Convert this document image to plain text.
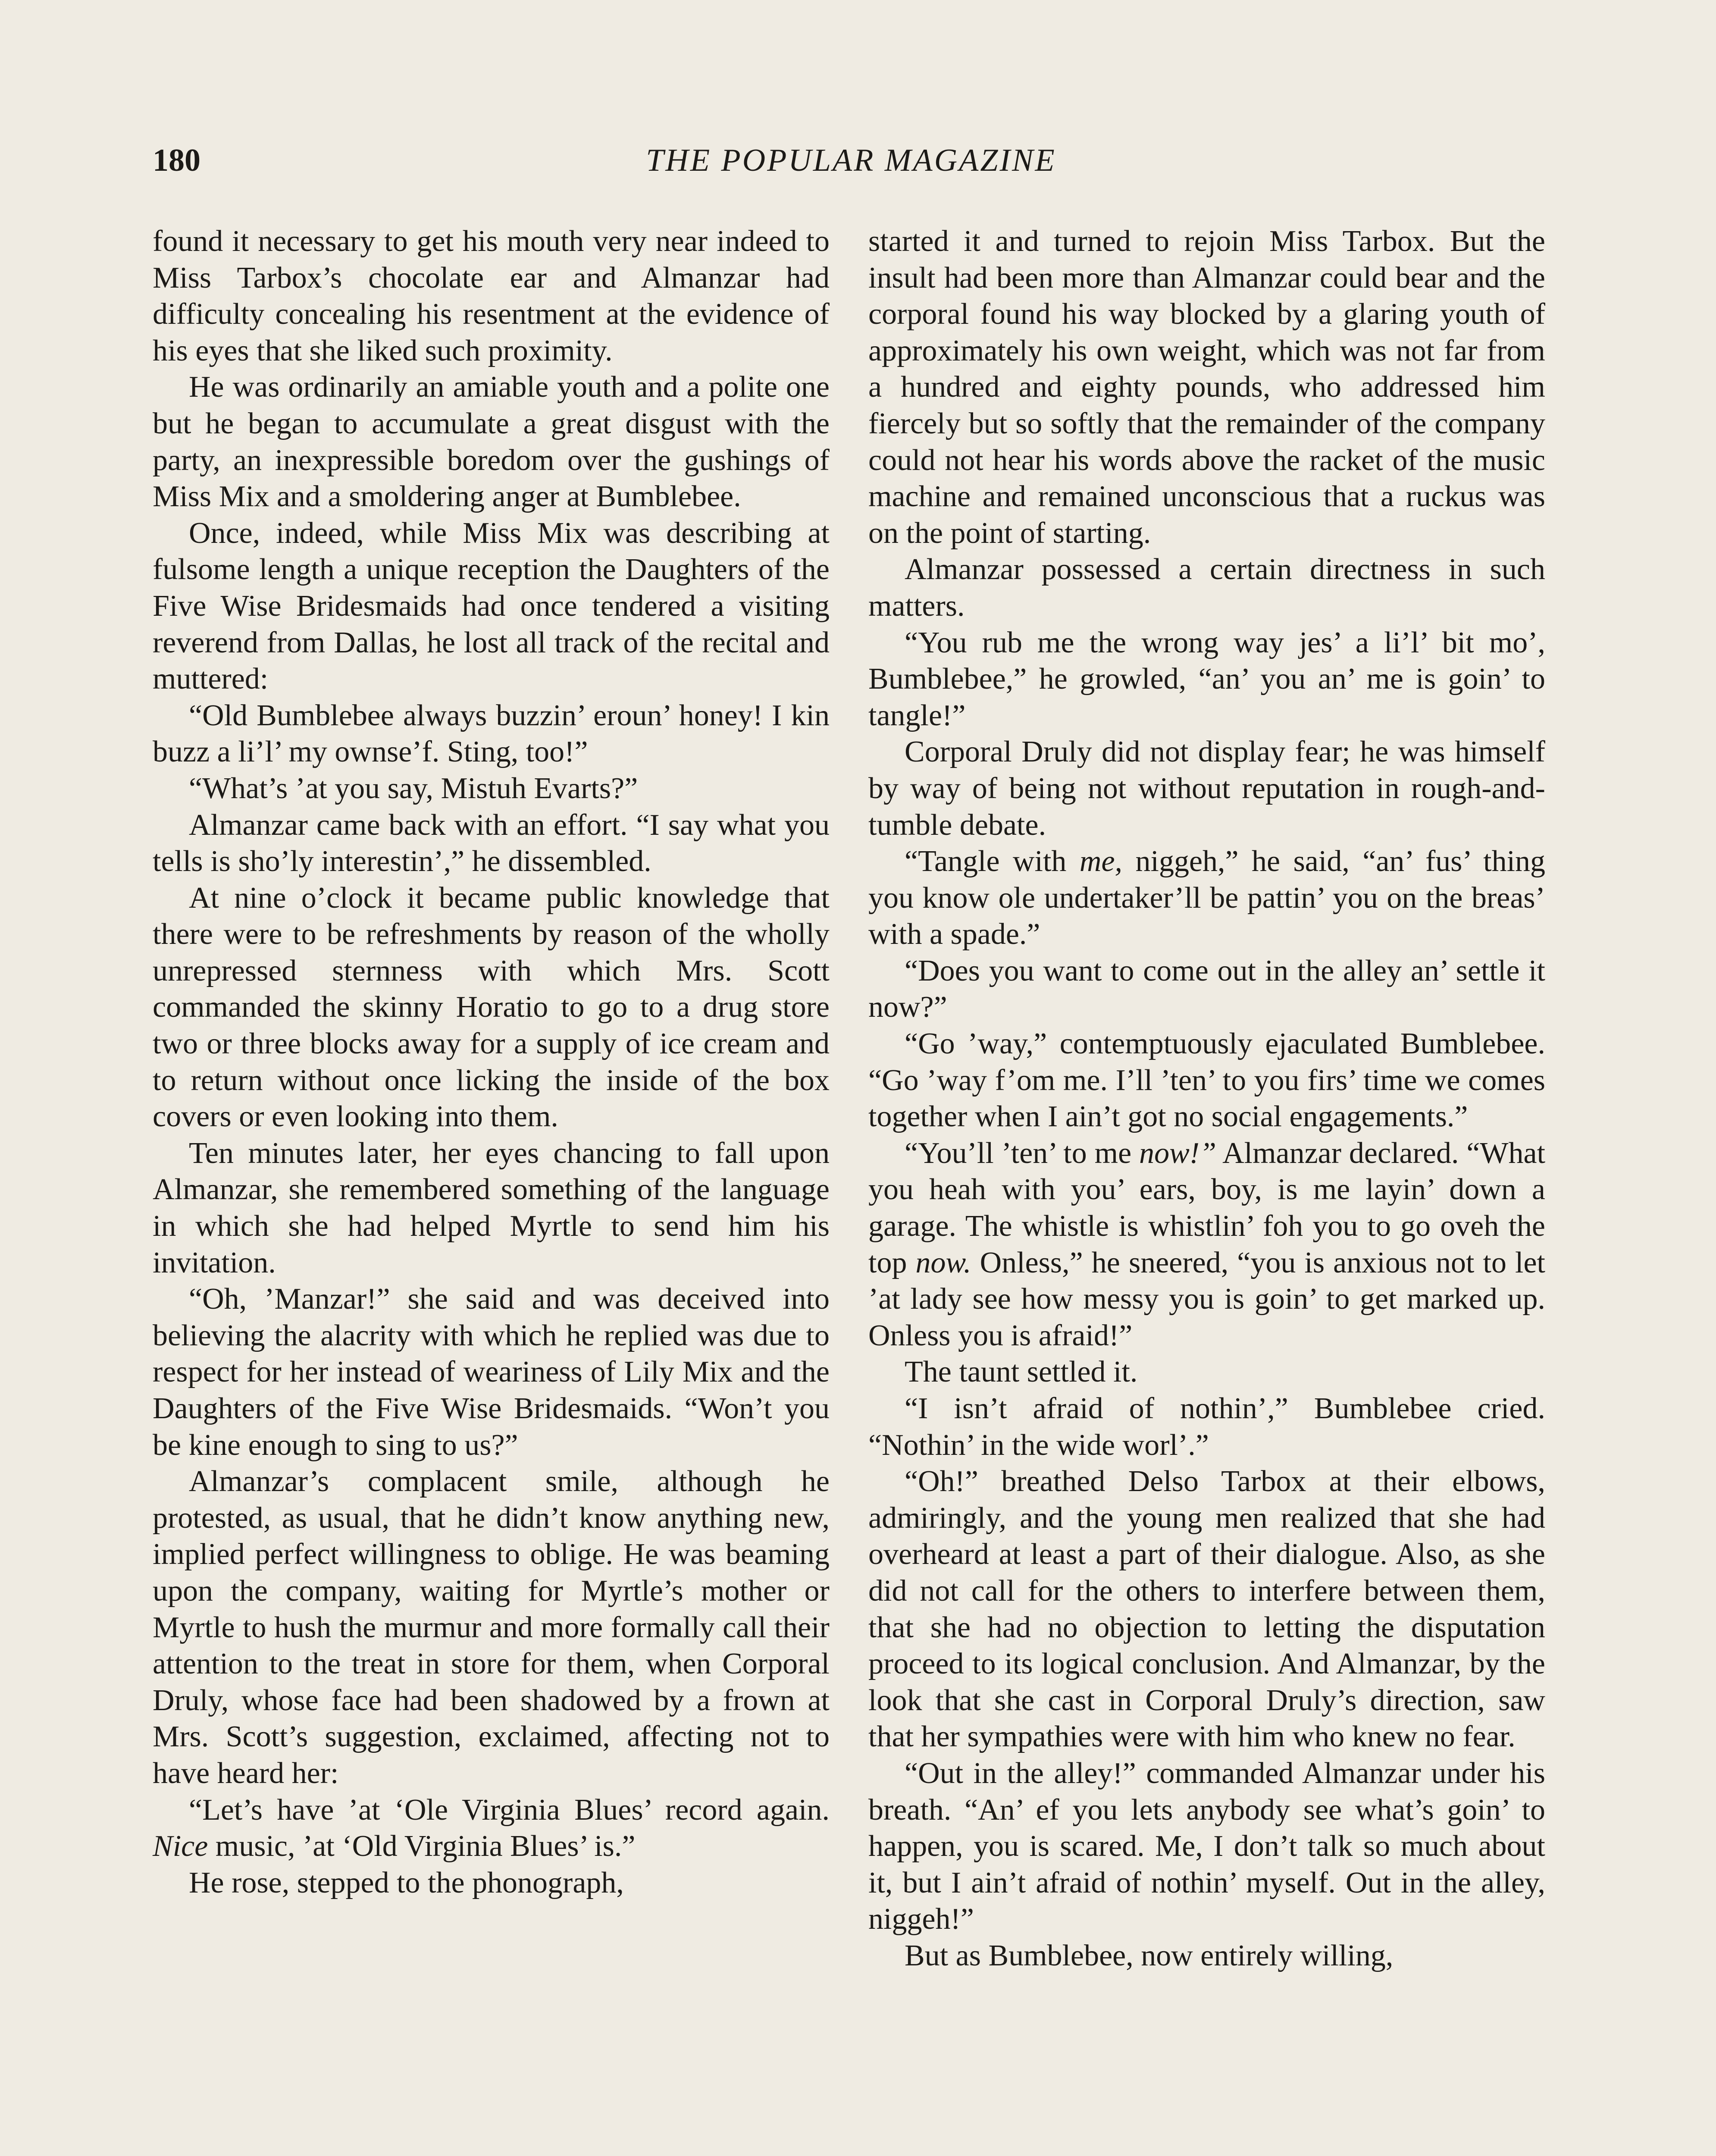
180	THE POPULAR MAGAZINE

found it necessary to get his mouth very near indeed to Miss Tarbox’s chocolate ear and Almanzar had difficulty concealing his resentment at the evidence of his eyes that she liked such proximity.

He was ordinarily an amiable youth and a polite one but he began to accumulate a great disgust with the party, an inexpressible boredom over the gushings of Miss Mix and a smoldering anger at Bumblebee.

Once, indeed, while Miss Mix was describing at fulsome length a unique reception the Daughters of the Five Wise Bridesmaids had once tendered a visiting reverend from Dallas, he lost all track of the recital and muttered:

“Old Bumblebee always buzzin’ eroun’ honey! I kin buzz a li’l’ my ownse’f. Sting, too!”

“What’s ’at you say, Mistuh Evarts?”

Almanzar came back with an effort. “I say what you tells is sho’ly interestin’,” he dissembled.

At nine o’clock it became public knowledge that there were to be refreshments by reason of the wholly unrepressed sternness with which Mrs. Scott commanded the skinny Horatio to go to a drug store two or three blocks away for a supply of ice cream and to return without once licking the inside of the box covers or even looking into them.

Ten minutes later, her eyes chancing to fall upon Almanzar, she remembered something of the language in which she had helped Myrtle to send him his invitation.

“Oh, ’Manzar!” she said and was deceived into believing the alacrity with which he replied was due to respect for her instead of weariness of Lily Mix and the Daughters of the Five Wise Bridesmaids. “Won’t you be kine enough to sing to us?”

Almanzar’s complacent smile, although he protested, as usual, that he didn’t know anything new, implied perfect willingness to oblige. He was beaming upon the company, waiting for Myrtle’s mother or Myrtle to hush the murmur and more formally call their attention to the treat in store for them, when Corporal Druly, whose face had been shadowed by a frown at Mrs. Scott’s suggestion, exclaimed, affecting not to have heard her:

“Let’s have ’at ‘Ole Virginia Blues’ record again. Nice music, ’at ‘Old Virginia Blues’ is.”

He rose, stepped to the phonograph,

started it and turned to rejoin Miss Tarbox. But the insult had been more than Almanzar could bear and the corporal found his way blocked by a glaring youth of approximately his own weight, which was not far from a hundred and eighty pounds, who addressed him fiercely but so softly that the remainder of the company could not hear his words above the racket of the music machine and remained unconscious that a ruckus was on the point of starting.

Almanzar possessed a certain directness in such matters.

“You rub me the wrong way jes’ a li’l’ bit mo’, Bumblebee,” he growled, “an’ you an’ me is goin’ to tangle!”

Corporal Druly did not display fear; he was himself by way of being not without reputation in rough-and-tumble debate.

“Tangle with me, niggeh,” he said, “an’ fus’ thing you know ole undertaker’ll be pattin’ you on the breas’ with a spade.”

“Does you want to come out in the alley an’ settle it now?”

“Go ’way,” contemptuously ejaculated Bumblebee. “Go ’way f’om me. I’ll ’ten’ to you firs’ time we comes together when I ain’t got no social engagements.”

“You’ll ’ten’ to me now!” Almanzar declared. “What you heah with you’ ears, boy, is me layin’ down a garage. The whistle is whistlin’ foh you to go oveh the top now. Onless,” he sneered, “you is anxious not to let ’at lady see how messy you is goin’ to get marked up. Onless you is afraid!”

The taunt settled it.

“I isn’t afraid of nothin’,” Bumblebee cried. “Nothin’ in the wide worl’.”

“Oh!” breathed Delso Tarbox at their elbows, admiringly, and the young men realized that she had overheard at least a part of their dialogue. Also, as she did not call for the others to interfere between them, that she had no objection to letting the disputation proceed to its logical conclusion. And Almanzar, by the look that she cast in Corporal Druly’s direction, saw that her sympathies were with him who knew no fear.

“Out in the alley!” commanded Almanzar under his breath. “An’ ef you lets anybody see what’s goin’ to happen, you is scared. Me, I don’t talk so much about it, but I ain’t afraid of nothin’ myself. Out in the alley, niggeh!”

But as Bumblebee, now entirely willing,
